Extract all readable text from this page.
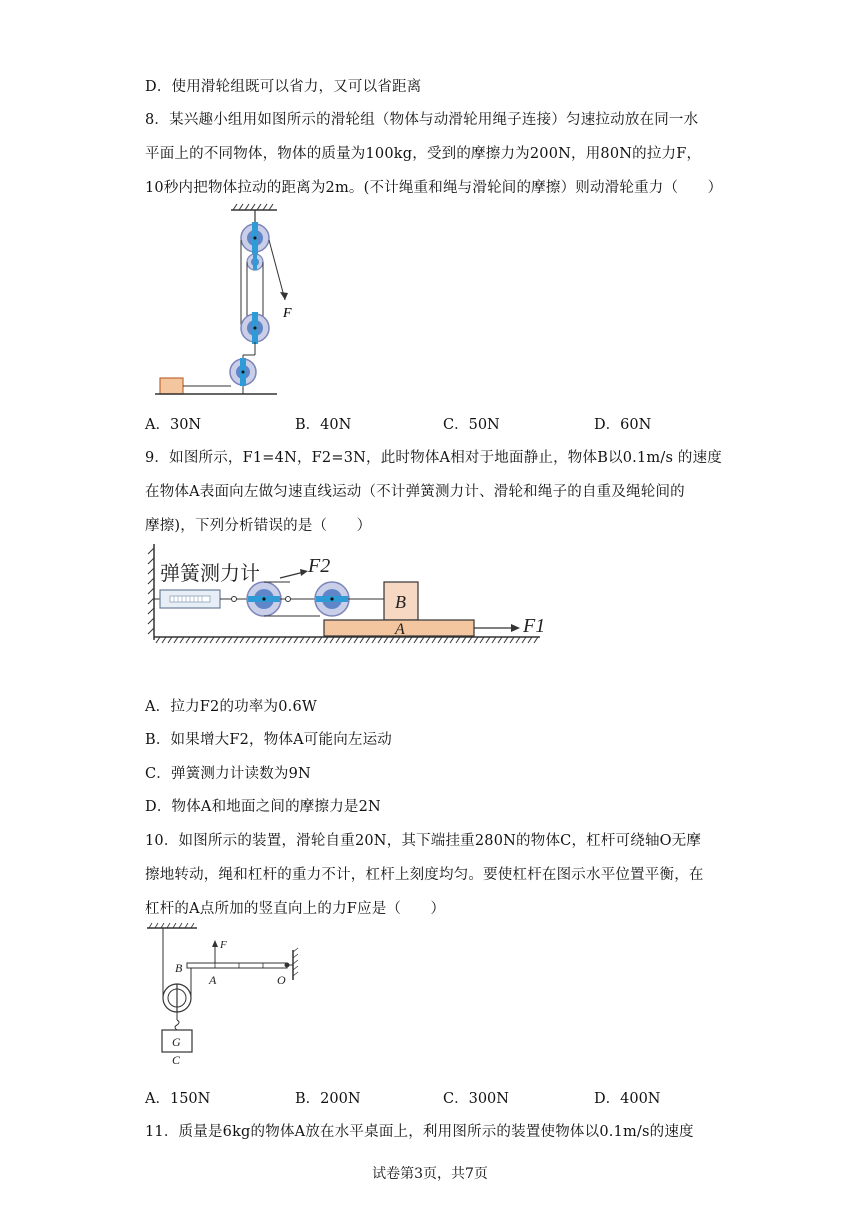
D．使用滑轮组既可以省力，又可以省距离
8．某兴趣小组用如图所示的滑轮组（物体与动滑轮用绳子连接）匀速拉动放在同一水
平面上的不同物体，物体的质量为100kg，受到的摩擦力为200N，用80N的拉力F，
10秒内把物体拉动的距离为2m。(不计绳重和绳与滑轮间的摩擦）则动滑轮重力（　　）
F
A．30N	B．40N	C．50N	D．60N
9．如图所示，F1=4N，F2=3N，此时物体A相对于地面静止，物体B以0.1m/s 的速度
在物体A表面向左做匀速直线运动（不计弹簧测力计、滑轮和绳子的自重及绳轮间的
摩擦)，下列分析错误的是（　　）
弹簧测力计 F2
B
A	F1
A．拉力F2的功率为0.6W
B．如果增大F2，物体A可能向左运动
C．弹簧测力计读数为9N
D．物体A和地面之间的摩擦力是2N
10．如图所示的装置，滑轮自重20N，其下端挂重280N的物体C，杠杆可绕轴O无摩
擦地转动，绳和杠杆的重力不计，杠杆上刻度均匀。要使杠杆在图示水平位置平衡，在
杠杆的A点所加的竖直向上的力F应是（　　）
B
F
A	O
G
C
A．150N	B．200N	C．300N	D．400N
11．质量是6kg的物体A放在水平桌面上，利用图所示的装置使物体以0.1m/s的速度
试卷第3页，共7页
